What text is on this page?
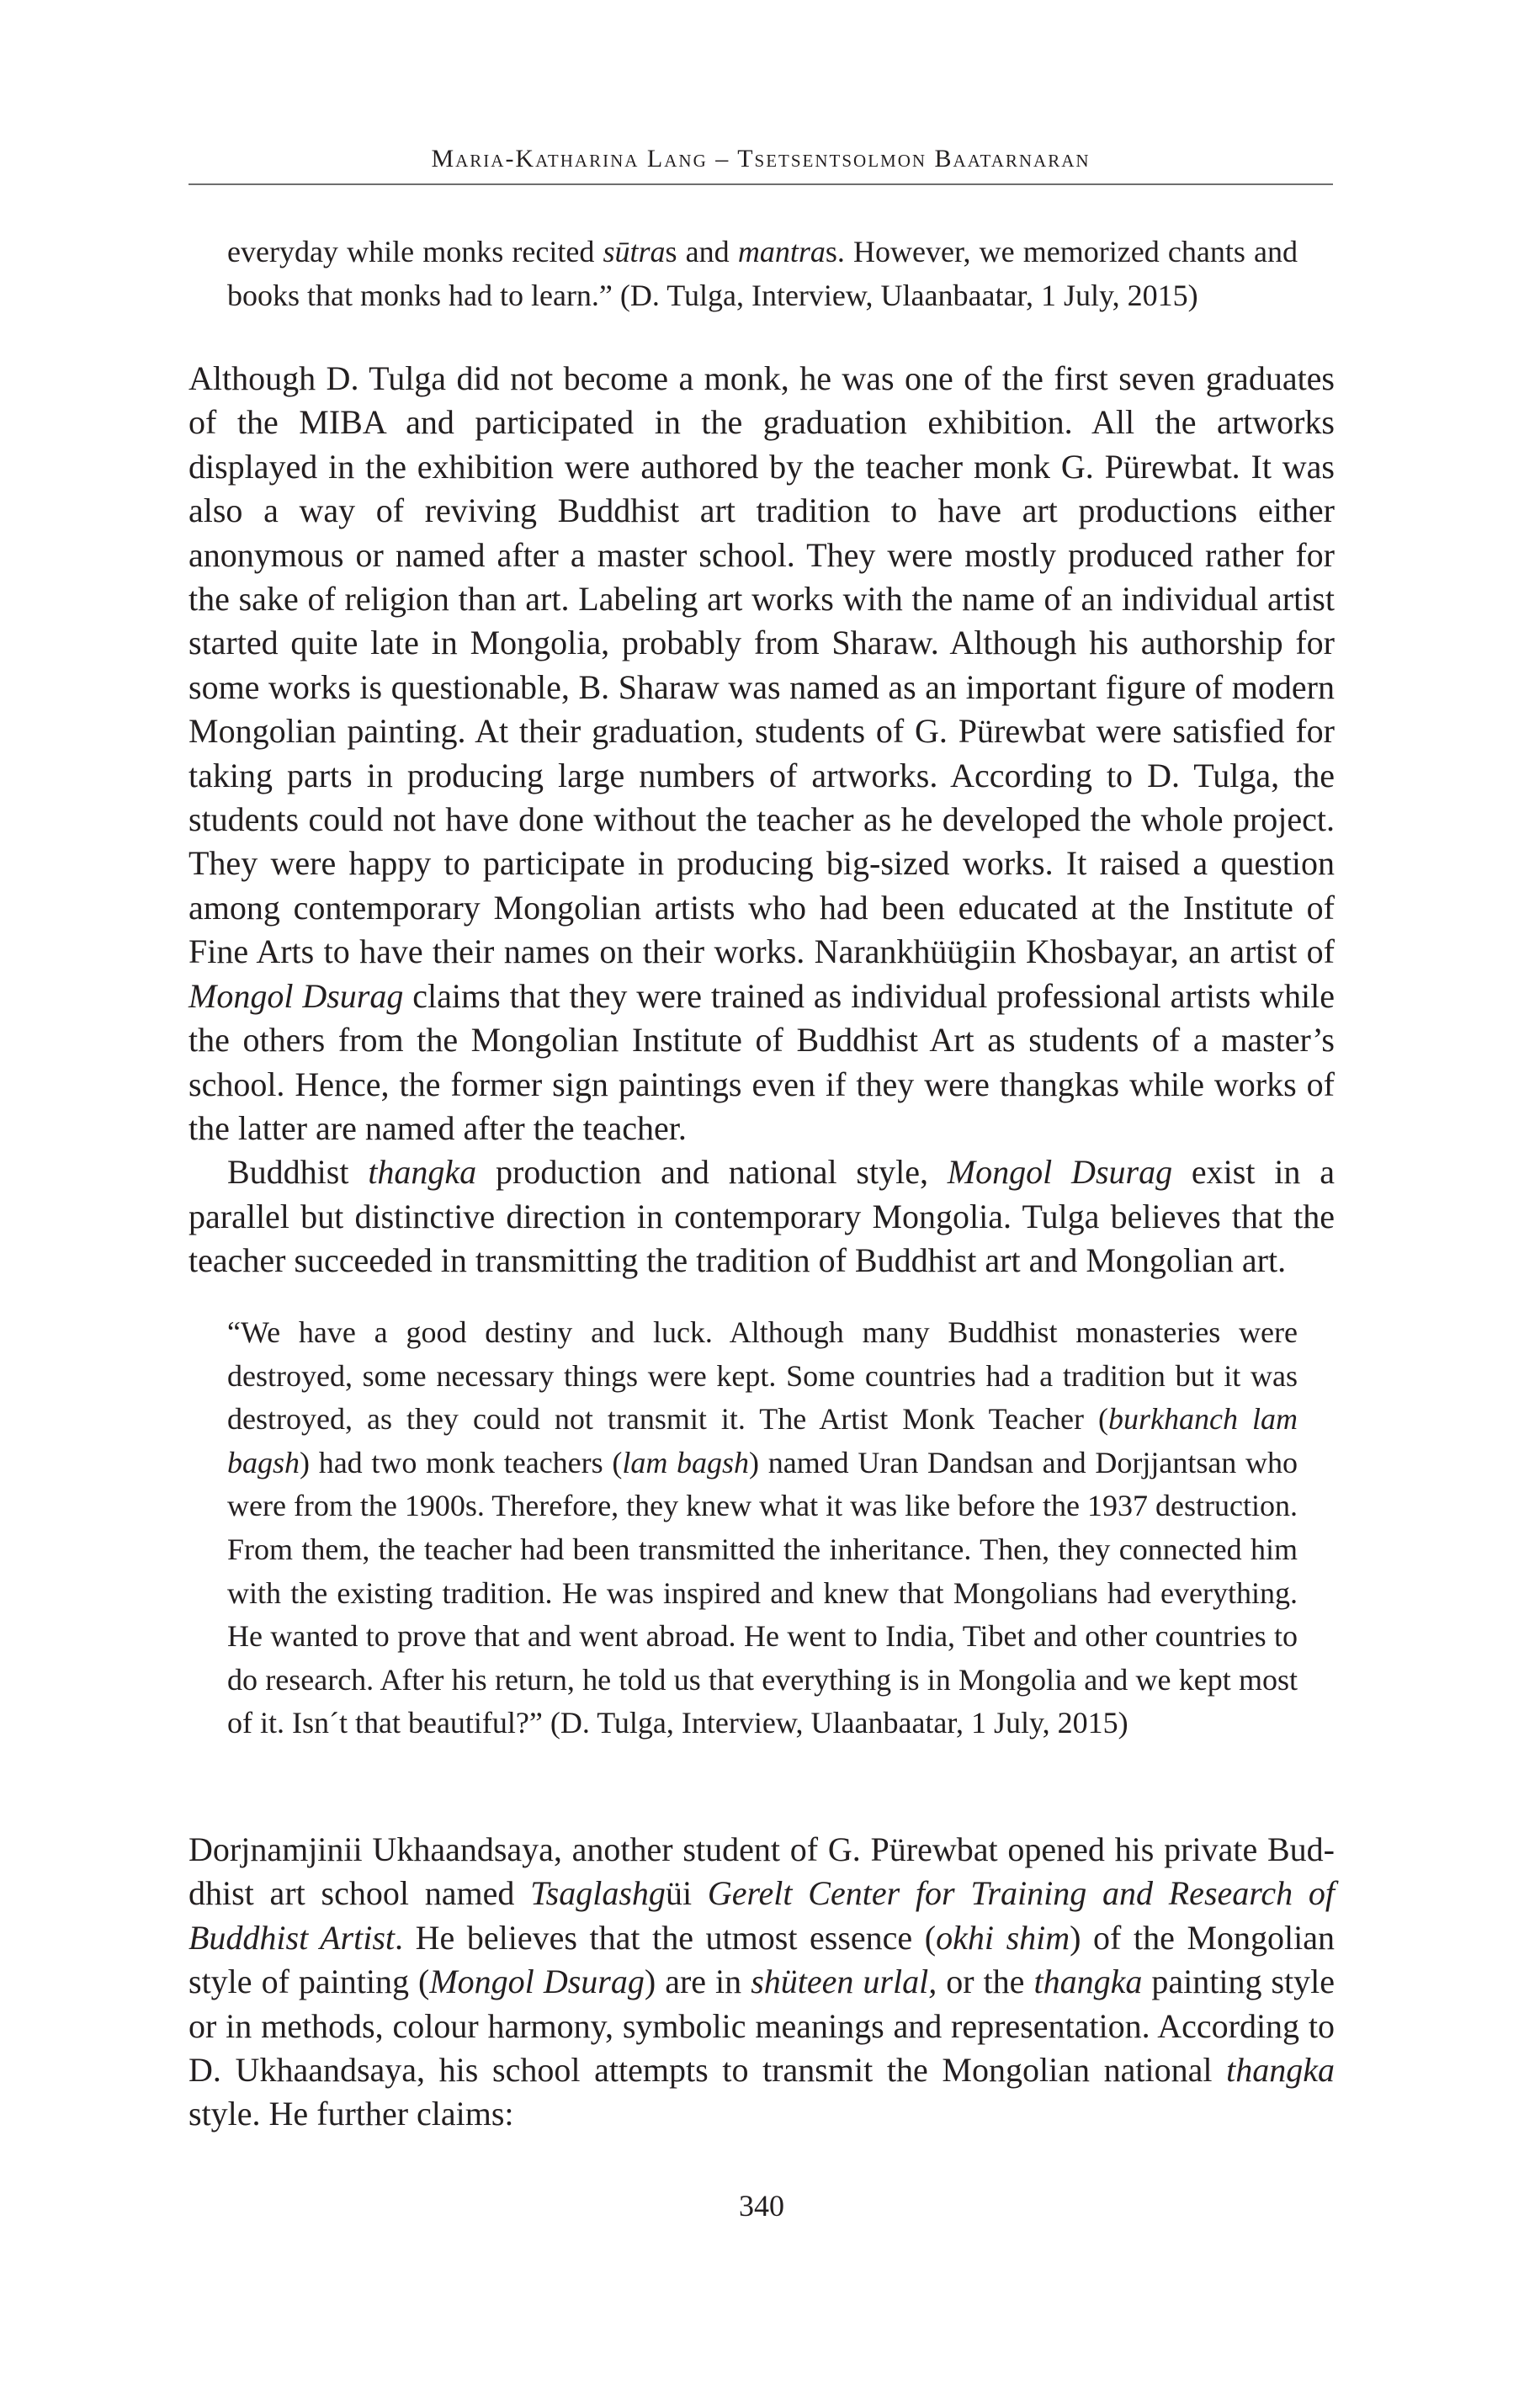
Maria-Katharina Lang – Tsetsentsolmon Baatarnaran

everyday while monks recited sūtras and mantras. However, we memorized chants and books that monks had to learn.” (D. Tulga, Interview, Ulaanbaatar, 1 July, 2015)

Although D. Tulga did not become a monk, he was one of the first seven graduates of the MIBA and participated in the graduation exhibition. All the artworks displayed in the exhibition were authored by the teacher monk G. Pürewbat. It was also a way of reviving Buddhist art tradition to have art productions either anonymous or named after a master school. They were mostly produced rather for the sake of religion than art. Labeling art works with the name of an individual artist started quite late in Mongolia, probably from Sharaw. Although his authorship for some works is questionable, B. Sharaw was named as an important figure of modern Mongolian painting. At their graduation, students of G. Pürewbat were satisfied for taking parts in producing large numbers of artworks. According to D. Tulga, the students could not have done without the teacher as he developed the whole project. They were happy to participate in producing big-sized works. It raised a question among contemporary Mongolian artists who had been educated at the Institute of Fine Arts to have their names on their works. Narankhüügiin Khosbayar, an artist of Mongol Dsurag claims that they were trained as individual professional artists while the others from the Mongolian Institute of Buddhist Art as students of a master’s school. Hence, the former sign paintings even if they were thangkas while works of the latter are named after the teacher.

Buddhist thangka production and national style, Mongol Dsurag exist in a parallel but distinctive direction in contemporary Mongolia. Tulga believes that the teacher succeeded in transmitting the tradition of Buddhist art and Mongolian art.

“We have a good destiny and luck. Although many Buddhist monasteries were destroyed, some necessary things were kept. Some countries had a tradition but it was destroyed, as they could not transmit it. The Artist Monk Teacher (burkhanch lam bagsh) had two monk teachers (lam bagsh) named Uran Dandsan and Dorjjantsan who were from the 1900s. Therefore, they knew what it was like before the 1937 destruction. From them, the teacher had been transmitted the inheritance. Then, they connected him with the existing tradition. He was inspired and knew that Mongolians had everything. He wanted to prove that and went abroad. He went to India, Tibet and other countries to do research. After his return, he told us that everything is in Mongolia and we kept most of it. Isn´t that beautiful?” (D. Tulga, Interview, Ulaanbaatar, 1 July, 2015)

Dorjnamjinii Ukhaandsaya, another student of G. Pürewbat opened his private Buddhist art school named Tsaglashgüi Gerelt Center for Training and Research of Buddhist Artist. He believes that the utmost essence (okhi shim) of the Mongolian style of painting (Mongol Dsurag) are in shüteen urlal, or the thangka painting style or in methods, colour harmony, symbolic meanings and representation. According to D. Ukhaandsaya, his school attempts to transmit the Mongolian national thangka style. He further claims:

340
